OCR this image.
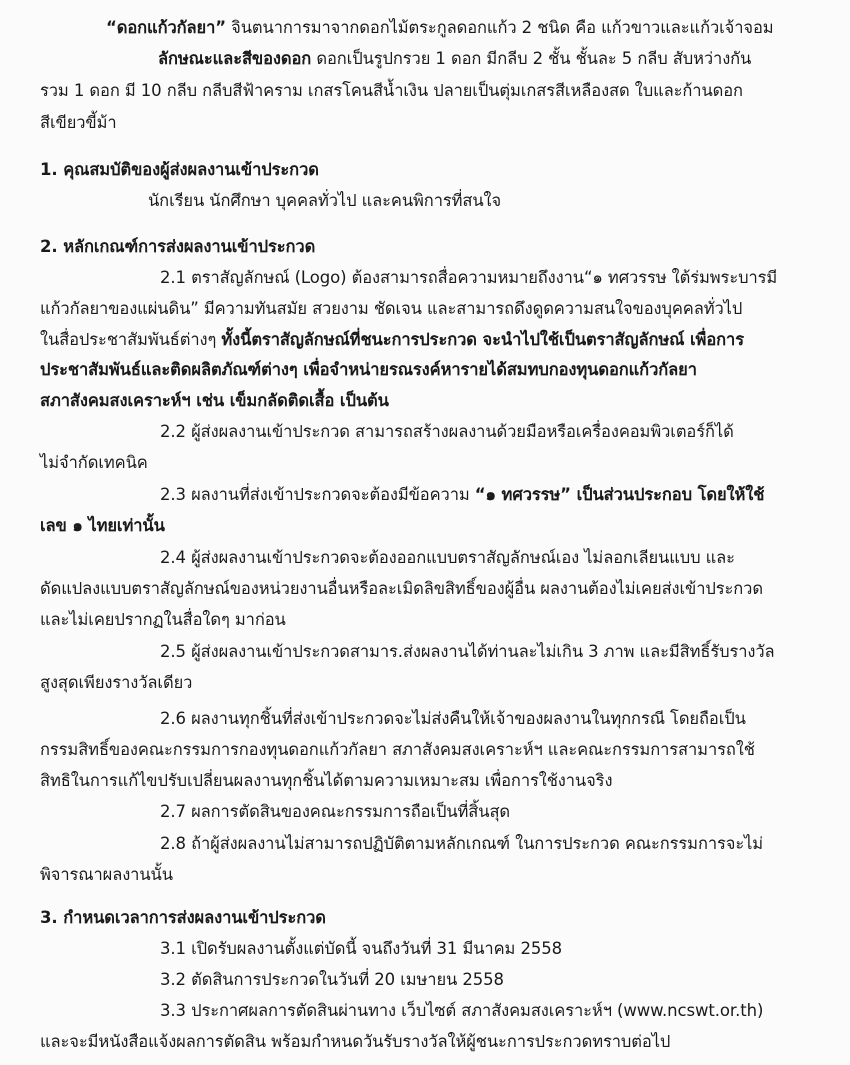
“ดอกแก้วกัลยา” จินตนาการมาจากดอกไม้ตระกูลดอกแก้ว 2 ชนิด คือ แก้วขาวและแก้วเจ้าจอม
ลักษณะและสีของดอก ดอกเป็นรูปกรวย 1 ดอก มีกลีบ 2 ชั้น ชั้นละ 5 กลีบ สับหว่างกัน
รวม 1 ดอก มี 10 กลีบ กลีบสีฟ้าคราม เกสรโคนสีน้ำเงิน ปลายเป็นตุ่มเกสรสีเหลืองสด ใบและก้านดอก
สีเขียวขี้ม้า
1. คุณสมบัติของผู้ส่งผลงานเข้าประกวด
นักเรียน นักศึกษา บุคคลทั่วไป และคนพิการที่สนใจ
2. หลักเกณฑ์การส่งผลงานเข้าประกวด
2.1 ตราสัญลักษณ์ (Logo) ต้องสามารถสื่อความหมายถึงงาน“๑ ทศวรรษ ใต้ร่มพระบารมี
แก้วกัลยาของแผ่นดิน” มีความทันสมัย สวยงาม ชัดเจน และสามารถดึงดูดความสนใจของบุคคลทั่วไป
ในสื่อประชาสัมพันธ์ต่างๆ ทั้งนี้ตราสัญลักษณ์ที่ชนะการประกวด จะนำไปใช้เป็นตราสัญลักษณ์ เพื่อการ
ประชาสัมพันธ์และติดผลิตภัณฑ์ต่างๆ เพื่อจำหน่ายรณรงค์หารายได้สมทบกองทุนดอกแก้วกัลยา
สภาสังคมสงเคราะห์ฯ เช่น เข็มกลัดติดเสื้อ เป็นต้น
2.2 ผู้ส่งผลงานเข้าประกวด สามารถสร้างผลงานด้วยมือหรือเครื่องคอมพิวเตอร์ก็ได้
ไม่จำกัดเทคนิค
2.3 ผลงานที่ส่งเข้าประกวดจะต้องมีข้อความ “๑ ทศวรรษ” เป็นส่วนประกอบ โดยให้ใช้
เลข ๑ ไทยเท่านั้น
2.4 ผู้ส่งผลงานเข้าประกวดจะต้องออกแบบตราสัญลักษณ์เอง ไม่ลอกเลียนแบบ และ
ดัดแปลงแบบตราสัญลักษณ์ของหน่วยงานอื่นหรือละเมิดลิขสิทธิ์ของผู้อื่น ผลงานต้องไม่เคยส่งเข้าประกวด
และไม่เคยปรากฏในสื่อใดๆ มาก่อน
2.5 ผู้ส่งผลงานเข้าประกวดสามาร.ส่งผลงานได้ท่านละไม่เกิน 3 ภาพ และมีสิทธิ์รับรางวัล
สูงสุดเพียงรางวัลเดียว
2.6 ผลงานทุกชิ้นที่ส่งเข้าประกวดจะไม่ส่งคืนให้เจ้าของผลงานในทุกกรณี โดยถือเป็น
กรรมสิทธิ์ของคณะกรรมการกองทุนดอกแก้วกัลยา สภาสังคมสงเคราะห์ฯ และคณะกรรมการสามารถใช้
สิทธิในการแก้ไขปรับเปลี่ยนผลงานทุกชิ้นได้ตามความเหมาะสม เพื่อการใช้งานจริง
2.7 ผลการตัดสินของคณะกรรมการถือเป็นที่สิ้นสุด
2.8 ถ้าผู้ส่งผลงานไม่สามารถปฏิบัติตามหลักเกณฑ์ ในการประกวด คณะกรรมการจะไม่
พิจารณาผลงานนั้น
3. กำหนดเวลาการส่งผลงานเข้าประกวด
3.1 เปิดรับผลงานตั้งแต่บัดนี้ จนถึงวันที่ 31 มีนาคม 2558
3.2 ตัดสินการประกวดในวันที่ 20 เมษายน 2558
3.3 ประกาศผลการตัดสินผ่านทาง เว็บไซต์ สภาสังคมสงเคราะห์ฯ (www.ncswt.or.th)
และจะมีหนังสือแจ้งผลการตัดสิน พร้อมกำหนดวันรับรางวัลให้ผู้ชนะการประกวดทราบต่อไป
